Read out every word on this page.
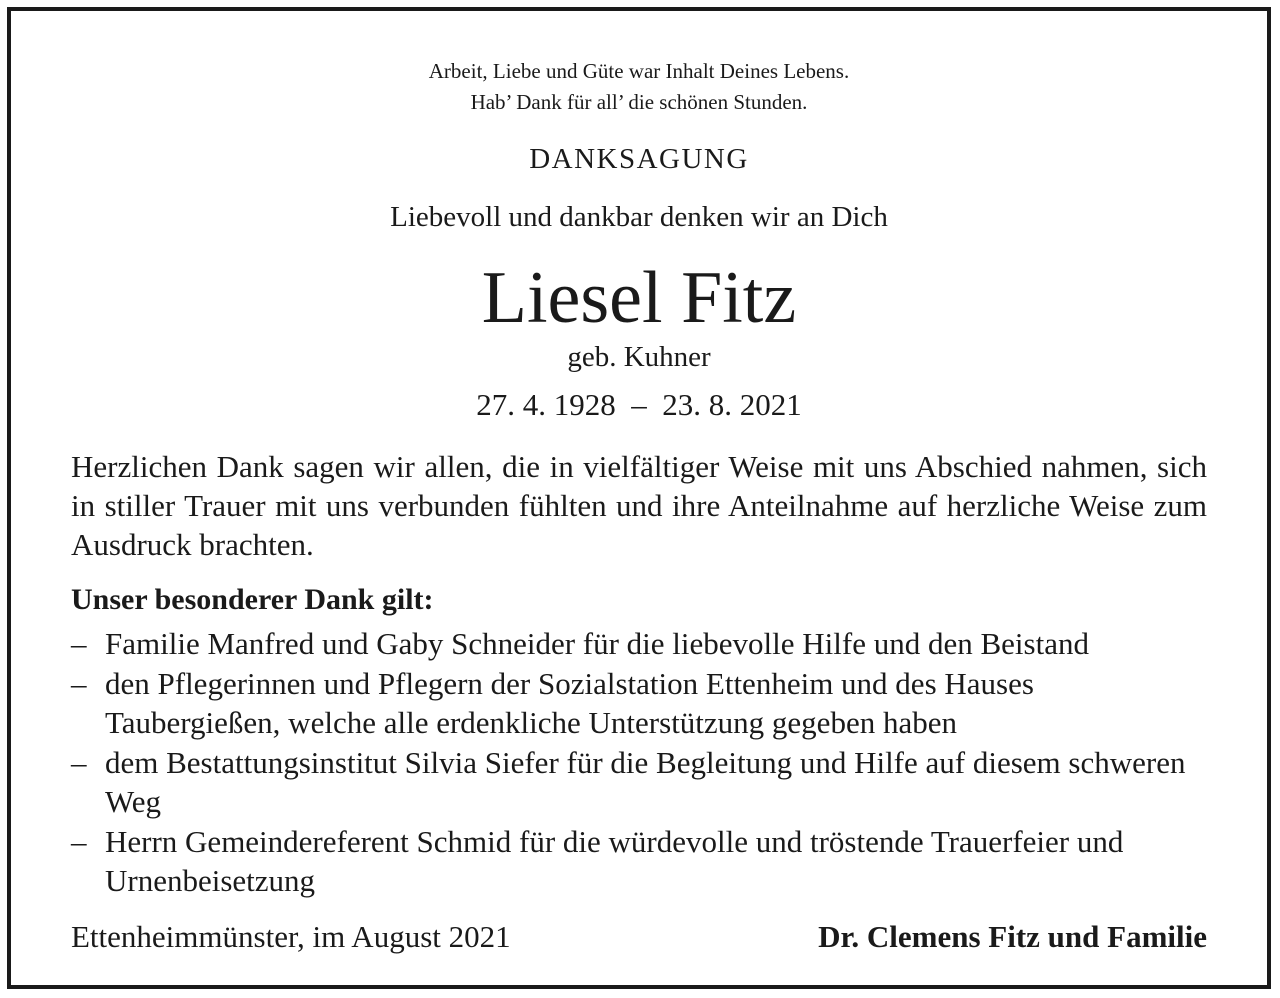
Arbeit, Liebe und Güte war Inhalt Deines Lebens.
Hab’ Dank für all’ die schönen Stunden.
DANKSAGUNG
Liebevoll und dankbar denken wir an Dich
Liesel Fitz
geb. Kuhner
27. 4. 1928  –  23. 8. 2021
Herzlichen Dank sagen wir allen, die in vielfältiger Weise mit uns Abschied nahmen, sich in stiller Trauer mit uns verbunden fühlten und ihre Anteilnahme auf herzliche Weise zum Ausdruck brachten.
Unser besonderer Dank gilt:
– Familie Manfred und Gaby Schneider für die liebevolle Hilfe und den Beistand
– den Pflegerinnen und Pflegern der Sozialstation Ettenheim und des Hauses Taubergießen, welche alle erdenkliche Unterstützung gegeben haben
– dem Bestattungsinstitut Silvia Siefer für die Begleitung und Hilfe auf diesem schweren Weg
– Herrn Gemeindereferent Schmid für die würdevolle und tröstende Trauerfeier und Urnenbeisetzung
Ettenheimmünster, im August 2021	Dr. Clemens Fitz und Familie
